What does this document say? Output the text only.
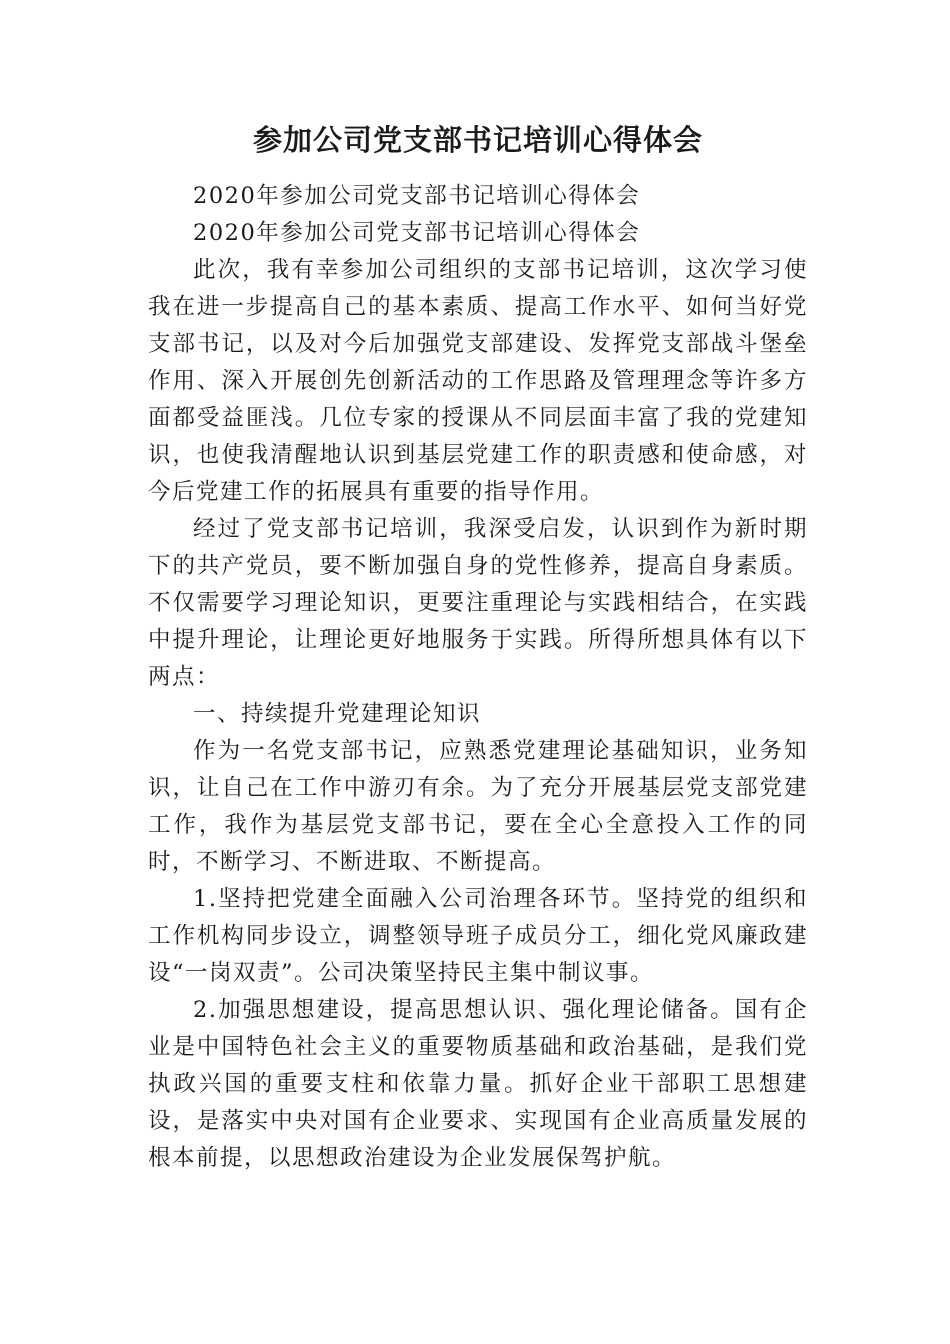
参加公司党支部书记培训心得体会

2020年参加公司党支部书记培训心得体会

2020年参加公司党支部书记培训心得体会

此次，我有幸参加公司组织的支部书记培训，这次学习使我在进一步提高自己的基本素质、提高工作水平、如何当好党支部书记，以及对今后加强党支部建设、发挥党支部战斗堡垒作用、深入开展创先创新活动的工作思路及管理理念等许多方面都受益匪浅。几位专家的授课从不同层面丰富了我的党建知识，也使我清醒地认识到基层党建工作的职责感和使命感，对今后党建工作的拓展具有重要的指导作用。

经过了党支部书记培训，我深受启发，认识到作为新时期下的共产党员，要不断加强自身的党性修养，提高自身素质。不仅需要学习理论知识，更要注重理论与实践相结合，在实践中提升理论，让理论更好地服务于实践。所得所想具体有以下两点：

一、持续提升党建理论知识

作为一名党支部书记，应熟悉党建理论基础知识，业务知识，让自己在工作中游刃有余。为了充分开展基层党支部党建工作，我作为基层党支部书记，要在全心全意投入工作的同时，不断学习、不断进取、不断提高。

1.坚持把党建全面融入公司治理各环节。坚持党的组织和工作机构同步设立，调整领导班子成员分工，细化党风廉政建设“一岗双责”。公司决策坚持民主集中制议事。

2.加强思想建设，提高思想认识、强化理论储备。国有企业是中国特色社会主义的重要物质基础和政治基础，是我们党执政兴国的重要支柱和依靠力量。抓好企业干部职工思想建设，是落实中央对国有企业要求、实现国有企业高质量发展的根本前提，以思想政治建设为企业发展保驾护航。
